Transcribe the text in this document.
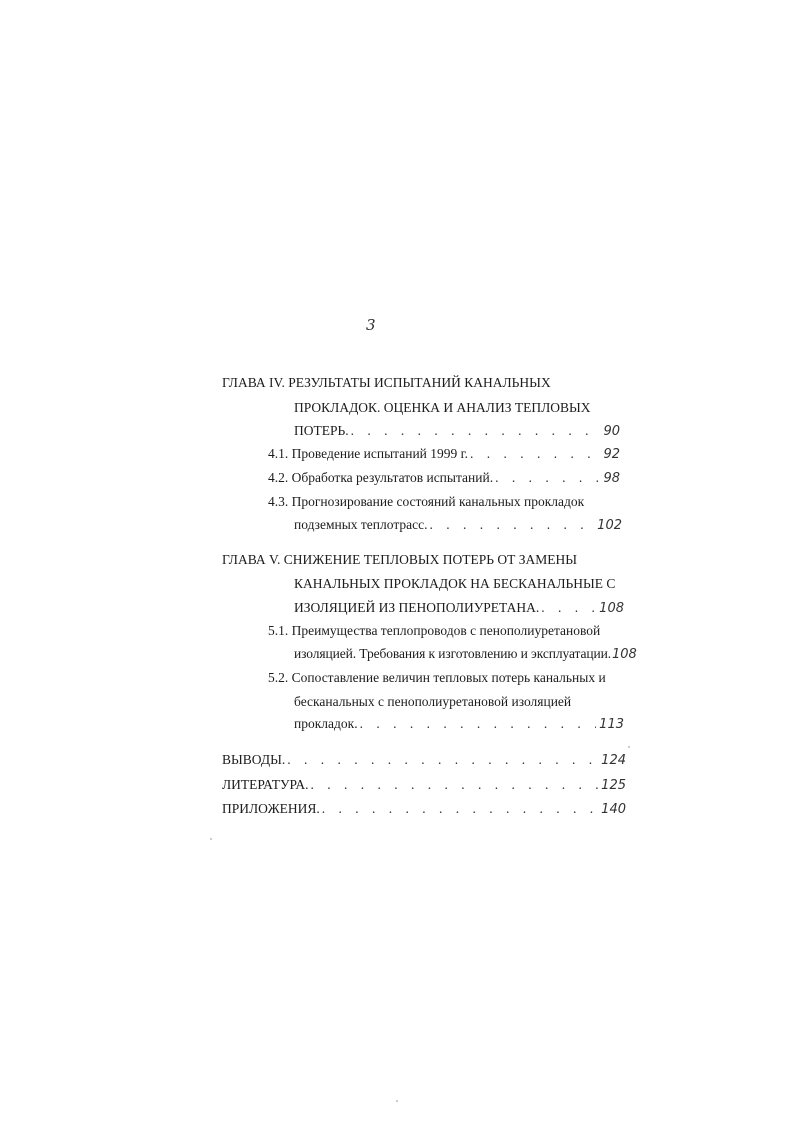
3
ГЛАВА IV. РЕЗУЛЬТАТЫ ИСПЫТАНИЙ КАНАЛЬНЫХ
ПРОКЛАДОК. ОЦЕНКА И АНАЛИЗ ТЕПЛОВЫХ
ПОТЕРЬ. . . .	90
4.1. Проведение испытаний 1999 г. . . .	92
4.2. Обработка результатов испытаний. . . .	98
4.3. Прогнозирование состояний канальных прокладок
подземных теплотрасс. . . .	102
ГЛАВА V. СНИЖЕНИЕ ТЕПЛОВЫХ ПОТЕРЬ ОТ ЗАМЕНЫ
КАНАЛЬНЫХ ПРОКЛАДОК НА БЕСКАНАЛЬНЫЕ С
ИЗОЛЯЦИЕЙ ИЗ ПЕНОПОЛИУРЕТАНА. . . .	108
5.1. Преимущества теплопроводов с пенополиуретановой
изоляцией. Требования к изготовлению и эксплуатации. 108
5.2. Сопоставление величин тепловых потерь канальных и
бесканальных с пенополиуретановой изоляцией
прокладок. . . .	113
ВЫВОДЫ. . . .	124
ЛИТЕРАТУРА. . . .	125
ПРИЛОЖЕНИЯ. . . .	140
